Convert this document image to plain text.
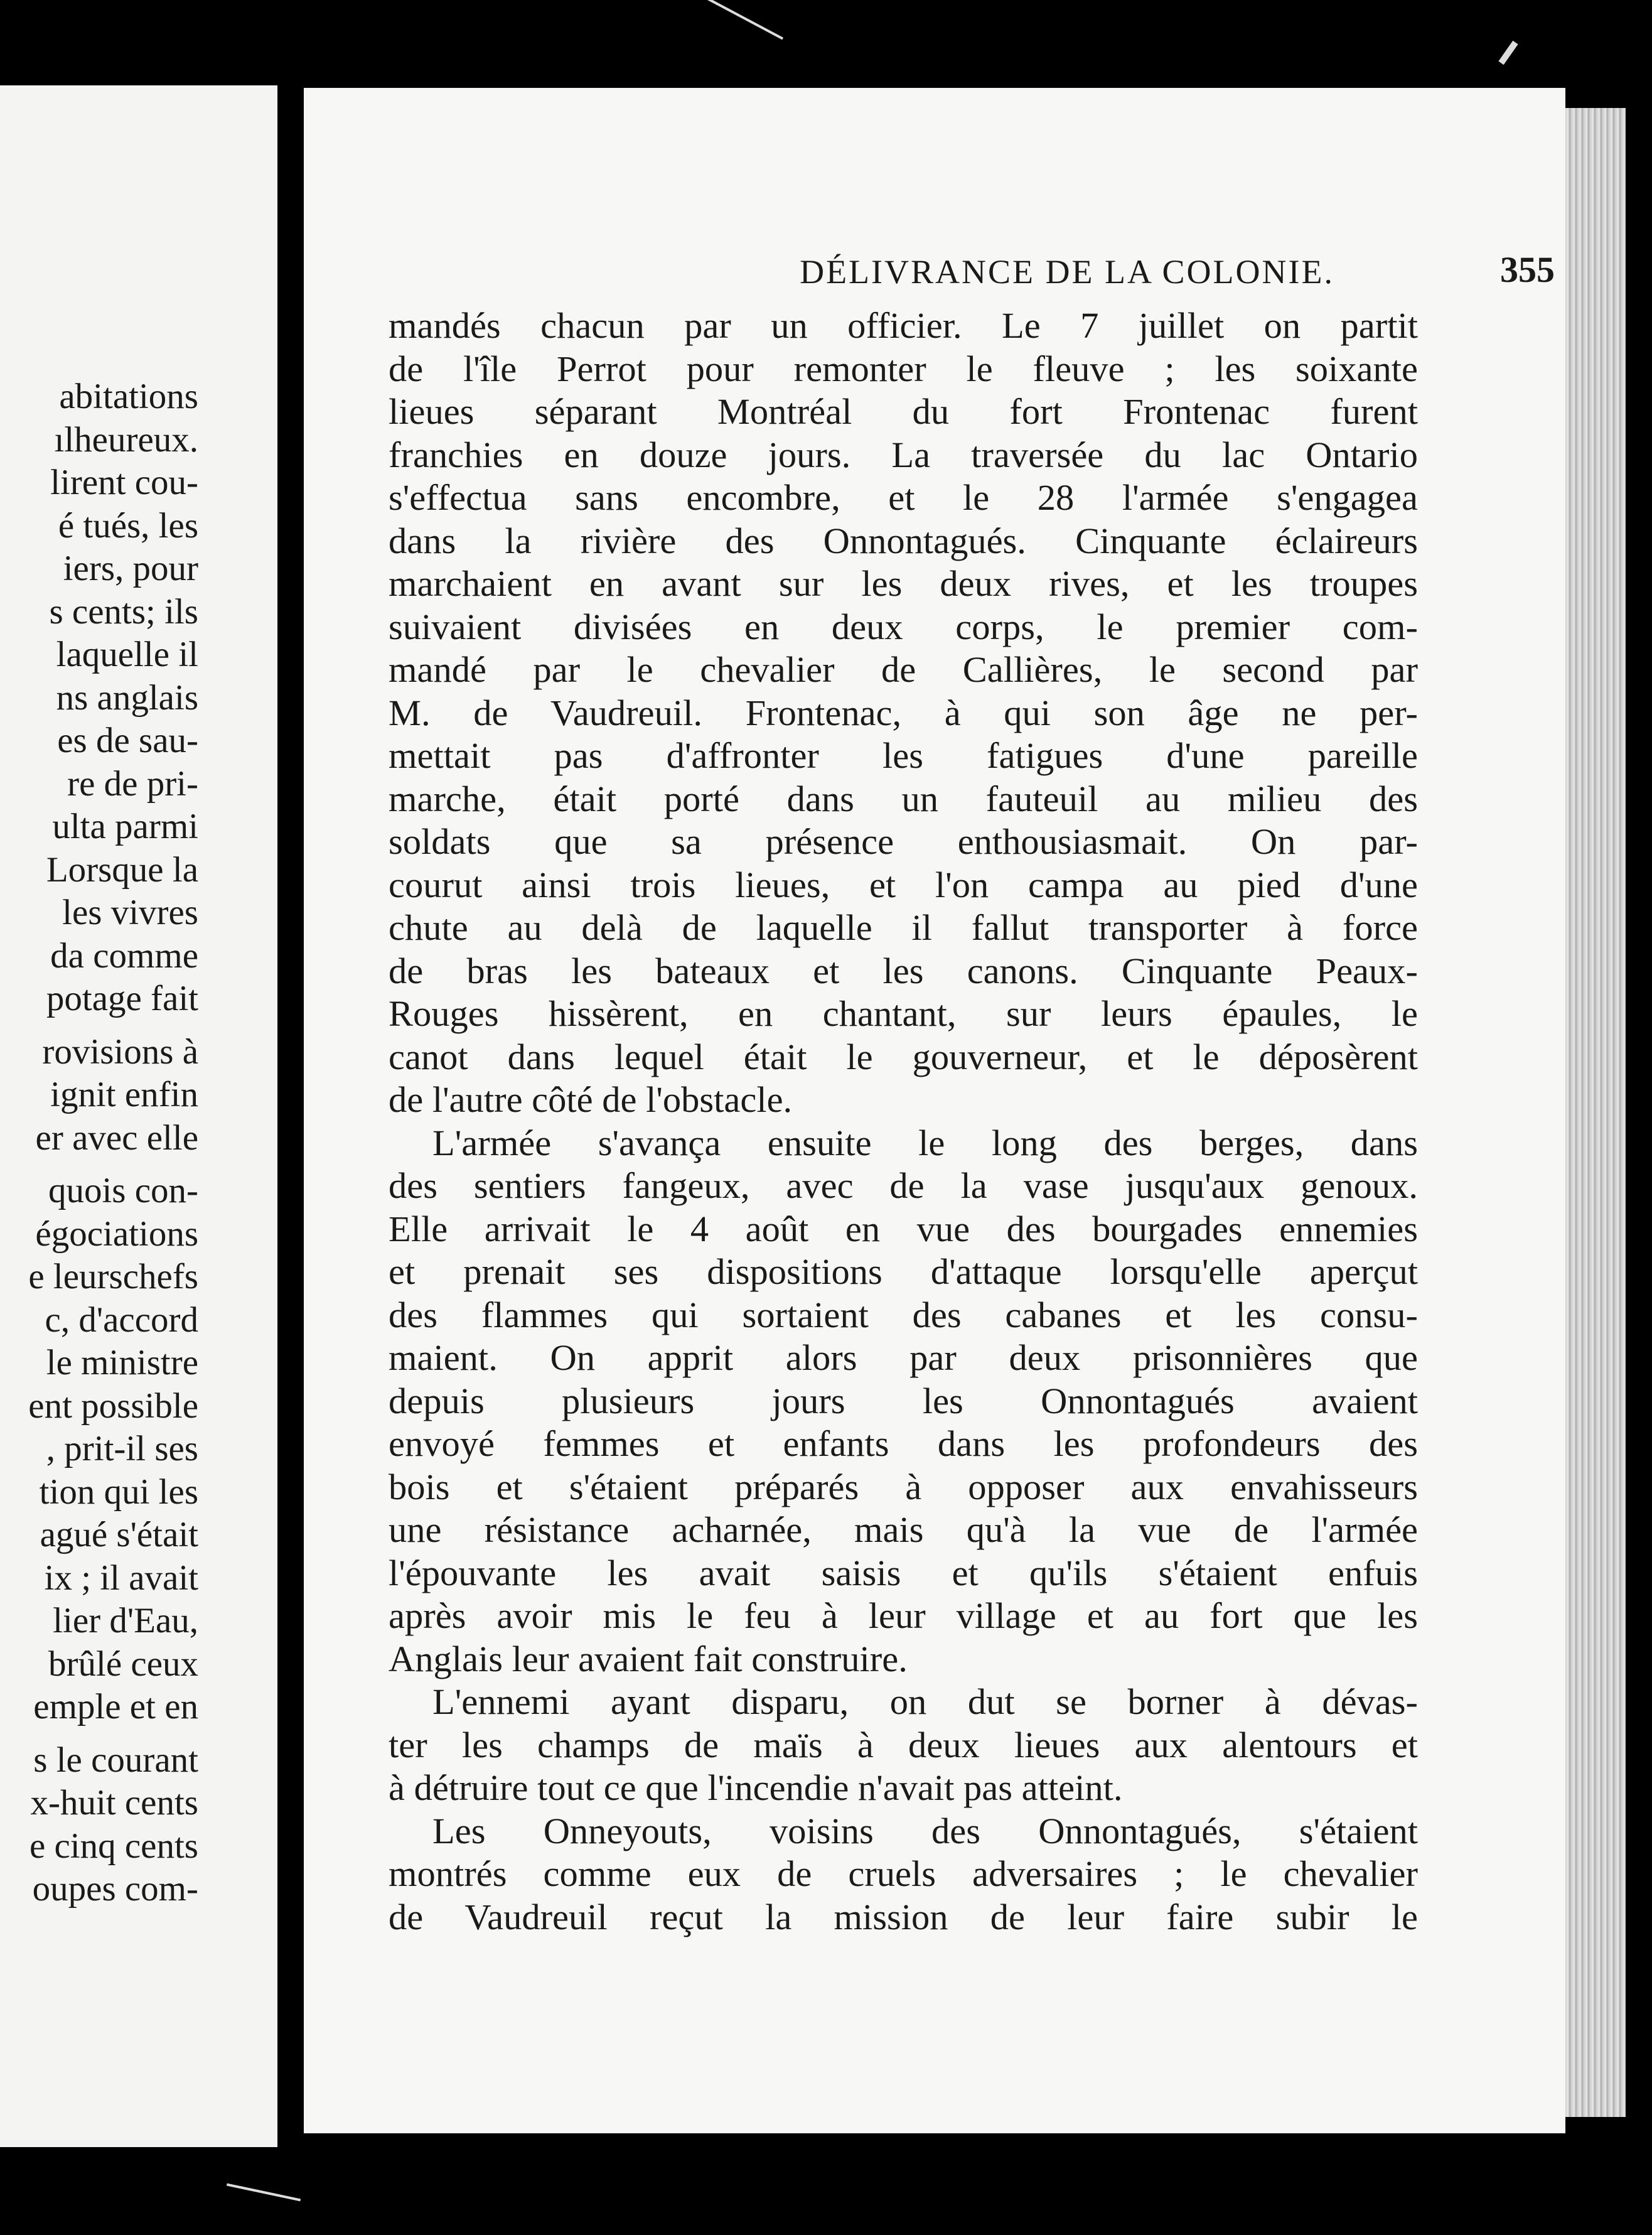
abitations
ılheureux.
lirent cou-
é tués, les
iers, pour
s cents; ils
laquelle il
ns anglais
es de sau-
re de pri-
ulta parmi
Lorsque la
les vivres
da comme
potage fait
rovisions à
ignit enfin
er avec elle
quois con-
égociations
e leurschefs
c, d'accord
le ministre
ent possible
, prit-il ses
tion qui les
agué s'était
ix ; il avait
lier d'Eau,
brûlé ceux
emple et en
s le courant
x-huit cents
e cinq cents
oupes com-
DÉLIVRANCE DE LA COLONIE.	355
mandés chacun par un officier. Le 7 juillet on partit
de l'île Perrot pour remonter le fleuve ; les soixante
lieues séparant Montréal du fort Frontenac furent
franchies en douze jours. La traversée du lac Ontario
s'effectua sans encombre, et le 28 l'armée s'engagea
dans la rivière des Onnontagués. Cinquante éclaireurs
marchaient en avant sur les deux rives, et les troupes
suivaient divisées en deux corps, le premier com-
mandé par le chevalier de Callières, le second par
M. de Vaudreuil. Frontenac, à qui son âge ne per-
mettait pas d'affronter les fatigues d'une pareille
marche, était porté dans un fauteuil au milieu des
soldats que sa présence enthousiasmait. On par-
courut ainsi trois lieues, et l'on campa au pied d'une
chute au delà de laquelle il fallut transporter à force
de bras les bateaux et les canons. Cinquante Peaux-
Rouges hissèrent, en chantant, sur leurs épaules, le
canot dans lequel était le gouverneur, et le déposèrent
de l'autre côté de l'obstacle.
L'armée s'avança ensuite le long des berges, dans
des sentiers fangeux, avec de la vase jusqu'aux genoux.
Elle arrivait le 4 août en vue des bourgades ennemies
et prenait ses dispositions d'attaque lorsqu'elle aperçut
des flammes qui sortaient des cabanes et les consu-
maient. On apprit alors par deux prisonnières que
depuis plusieurs jours les Onnontagués avaient
envoyé femmes et enfants dans les profondeurs des
bois et s'étaient préparés à opposer aux envahisseurs
une résistance acharnée, mais qu'à la vue de l'armée
l'épouvante les avait saisis et qu'ils s'étaient enfuis
après avoir mis le feu à leur village et au fort que les
Anglais leur avaient fait construire.
L'ennemi ayant disparu, on dut se borner à dévas-
ter les champs de maïs à deux lieues aux alentours et
à détruire tout ce que l'incendie n'avait pas atteint.
Les Onneyouts, voisins des Onnontagués, s'étaient
montrés comme eux de cruels adversaires ; le chevalier
de Vaudreuil reçut la mission de leur faire subir le
